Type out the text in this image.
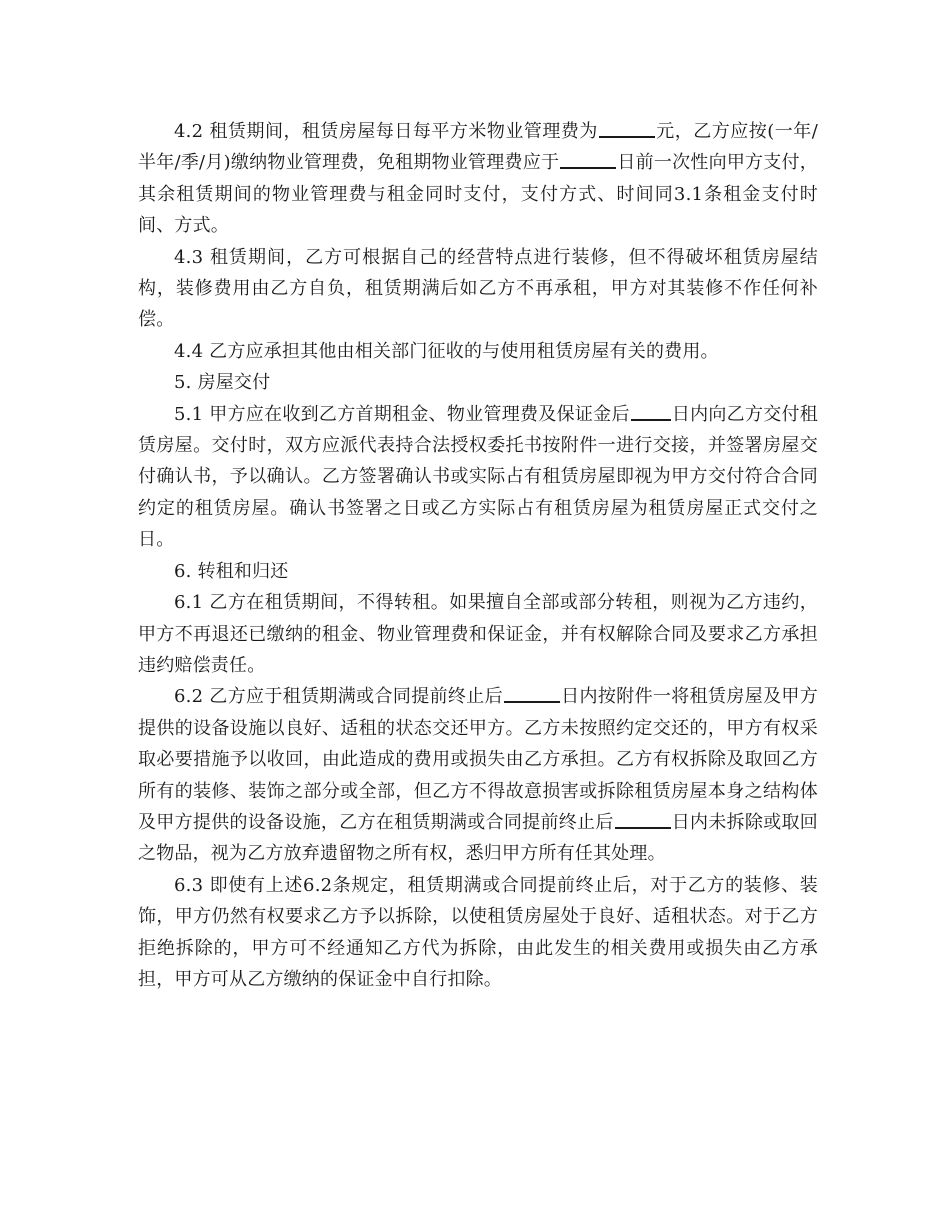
4.2 租赁期间，租赁房屋每日每平方米物业管理费为	元，乙方应按(一年/半年/季/月)缴纳物业管理费，免租期物业管理费应于	日前一次性向甲方支付，其余租赁期间的物业管理费与租金同时支付，支付方式、时间同3.1条租金支付时间、方式。

4.3 租赁期间，乙方可根据自己的经营特点进行装修，但不得破坏租赁房屋结构，装修费用由乙方自负，租赁期满后如乙方不再承租，甲方对其装修不作任何补偿。

4.4 乙方应承担其他由相关部门征收的与使用租赁房屋有关的费用。

5. 房屋交付

5.1 甲方应在收到乙方首期租金、物业管理费及保证金后 日内向乙方交付租赁房屋。交付时，双方应派代表持合法授权委托书按附件一进行交接，并签署房屋交付确认书，予以确认。乙方签署确认书或实际占有租赁房屋即视为甲方交付符合合同约定的租赁房屋。确认书签署之日或乙方实际占有租赁房屋为租赁房屋正式交付之日。

6. 转租和归还

6.1 乙方在租赁期间，不得转租。如果擅自全部或部分转租，则视为乙方违约，甲方不再退还已缴纳的租金、物业管理费和保证金，并有权解除合同及要求乙方承担违约赔偿责任。

6.2 乙方应于租赁期满或合同提前终止后	日内按附件一将租赁房屋及甲方提供的设备设施以良好、适租的状态交还甲方。乙方未按照约定交还的，甲方有权采取必要措施予以收回，由此造成的费用或损失由乙方承担。乙方有权拆除及取回乙方所有的装修、装饰之部分或全部，但乙方不得故意损害或拆除租赁房屋本身之结构体及甲方提供的设备设施，乙方在租赁期满或合同提前终止后	日内未拆除或取回之物品，视为乙方放弃遗留物之所有权，悉归甲方所有任其处理。

6.3 即使有上述6.2条规定，租赁期满或合同提前终止后，对于乙方的装修、装饰，甲方仍然有权要求乙方予以拆除，以使租赁房屋处于良好、适租状态。对于乙方拒绝拆除的，甲方可不经通知乙方代为拆除，由此发生的相关费用或损失由乙方承担，甲方可从乙方缴纳的保证金中自行扣除。
